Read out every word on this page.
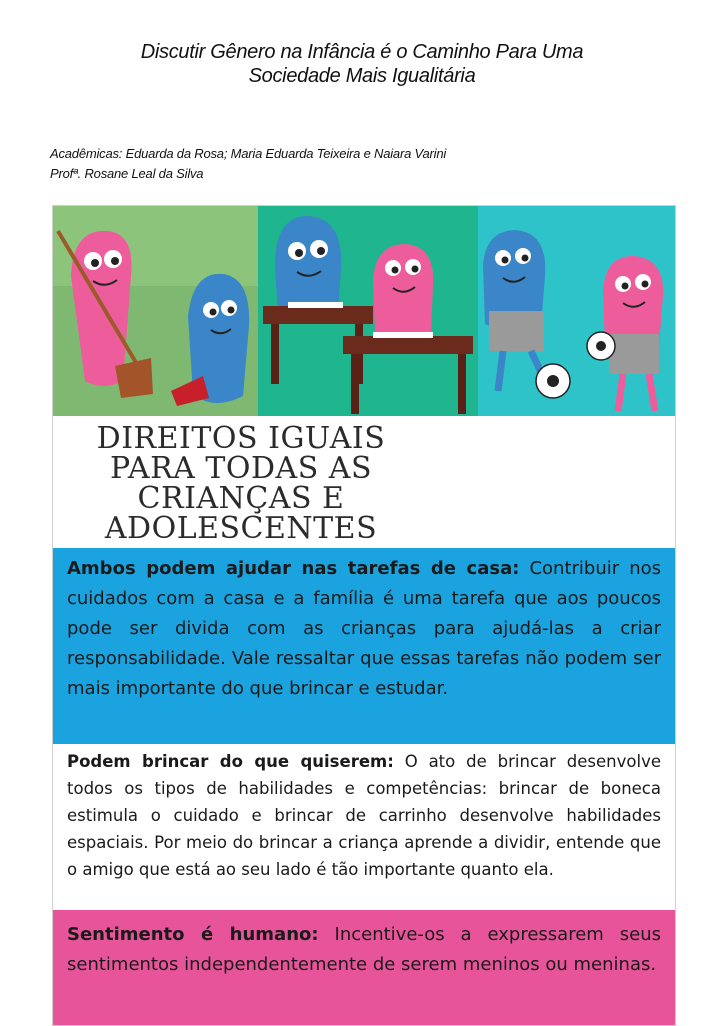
Discutir Gênero na Infância é o Caminho Para Uma
Sociedade Mais Igualitária
Acadêmicas: Eduarda da Rosa; Maria Eduarda Teixeira e Naiara Varini
Profª. Rosane Leal da Silva
DIREITOS IGUAIS
PARA TODAS AS
CRIANÇAS E
ADOLESCENTES
Ambos podem ajudar nas tarefas de casa: Contribuir nos cuidados com a casa e a família é uma tarefa que aos poucos pode ser divida com as crianças para ajudá-las a criar responsabilidade. Vale ressaltar que essas tarefas não podem ser mais importante do que brincar e estudar.
Podem brincar do que quiserem: O ato de brincar desenvolve todos os tipos de habilidades e competências: brincar de boneca estimula o cuidado e brincar de carrinho desenvolve habilidades espaciais. Por meio do brincar a criança aprende a dividir, entende que o amigo que está ao seu lado é tão importante quanto ela.
Sentimento é humano: Incentive-os a expressarem seus sentimentos independentemente de serem meninos ou meninas.
